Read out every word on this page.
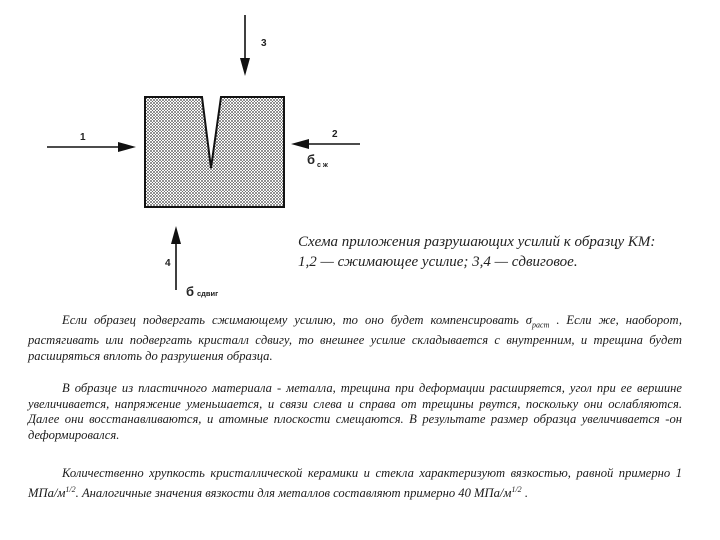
3
1	2
б с ж
4
б сдвиг
Схема приложения разрушающих усилий к образцу КМ:
1,2 — сжимающее усилие; 3,4 — сдвиговое.

Если образец подвергать сжимающему усилию, то оно будет компенсировать $\sigma_{раст}$ . Если же, наоборот, растягивать или подвергать кристалл сдвигу, то внешнее усилие складывается с внутренним, и трещина будет расширяться вплоть до разрушения образца.

В образце из пластичного материала - металла, трещина при деформации расширяется, угол при ее вершине увеличивается, напряжение уменьшается, и связи слева и справа от трещины рвутся, поскольку они ослабляются. Далее они восстанавливаются, и атомные плоскости смещаются. В результате размер образца увеличивается -он деформировался.

Количественно хрупкость кристаллической керамики и стекла характеризуют вязкостью, равной примерно 1 МПа/$м^{1/2}$. Аналогичные значения вязкости для металлов составляют примерно 40 МПа/$м^{1/2}$ .
